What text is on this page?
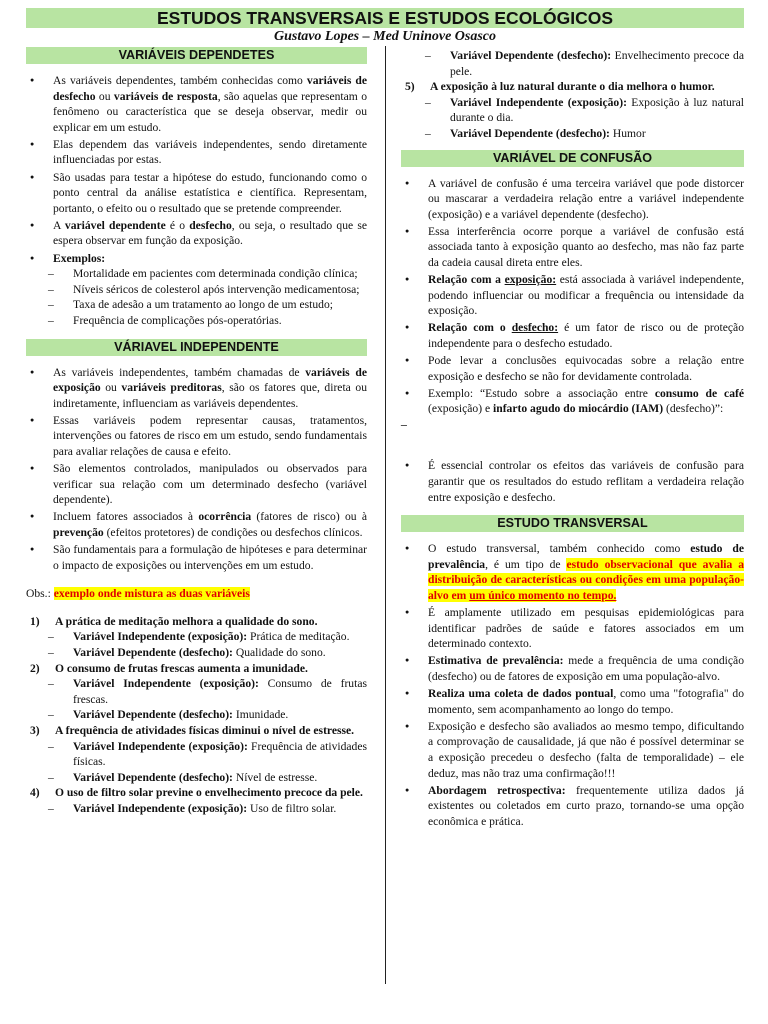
ESTUDOS TRANSVERSAIS E ESTUDOS ECOLÓGICOS
Gustavo Lopes – Med Uninove Osasco
VARIÁVEIS DEPENDETES
● As variáveis dependentes, também conhecidas como variáveis de desfecho ou variáveis de resposta, são aquelas que representam o fenômeno ou característica que se deseja observar, medir ou explicar em um estudo.
● Elas dependem das variáveis independentes, sendo diretamente influenciadas por estas.
● São usadas para testar a hipótese do estudo, funcionando como o ponto central da análise estatística e científica. Representam, portanto, o efeito ou o resultado que se pretende compreender.
● A variável dependente é o desfecho, ou seja, o resultado que se espera observar em função da exposição.
● Exemplos:
– Mortalidade em pacientes com determinada condição clínica;
– Níveis séricos de colesterol após intervenção medicamentosa;
– Taxa de adesão a um tratamento ao longo de um estudo;
– Frequência de complicações pós-operatórias.
VÁRIAVEL INDEPENDENTE
● As variáveis independentes, também chamadas de variáveis de exposição ou variáveis preditoras, são os fatores que, direta ou indiretamente, influenciam as variáveis dependentes.
● Essas variáveis podem representar causas, tratamentos, intervenções ou fatores de risco em um estudo, sendo fundamentais para avaliar relações de causa e efeito.
● São elementos controlados, manipulados ou observados para verificar sua relação com um determinado desfecho (variável dependente).
● Incluem fatores associados à ocorrência (fatores de risco) ou à prevenção (efeitos protetores) de condições ou desfechos clínicos.
● São fundamentais para a formulação de hipóteses e para determinar o impacto de exposições ou intervenções em um estudo.
Obs.: exemplo onde mistura as duas variáveis
1) A prática de meditação melhora a qualidade do sono.
– Variável Independente (exposição): Prática de meditação.
– Variável Dependente (desfecho): Qualidade do sono.
2) O consumo de frutas frescas aumenta a imunidade.
– Variável Independente (exposição): Consumo de frutas frescas.
– Variável Dependente (desfecho): Imunidade.
3) A frequência de atividades físicas diminui o nível de estresse.
– Variável Independente (exposição): Frequência de atividades físicas.
– Variável Dependente (desfecho): Nível de estresse.
4) O uso de filtro solar previne o envelhecimento precoce da pele.
– Variável Independente (exposição): Uso de filtro solar.
– Variável Dependente (desfecho): Envelhecimento precoce da pele.
5) A exposição à luz natural durante o dia melhora o humor.
– Variável Independente (exposição): Exposição à luz natural durante o dia.
– Variável Dependente (desfecho): Humor
VARIÁVEL DE CONFUSÃO
● A variável de confusão é uma terceira variável que pode distorcer ou mascarar a verdadeira relação entre a variável independente (exposição) e a variável dependente (desfecho).
● Essa interferência ocorre porque a variável de confusão está associada tanto à exposição quanto ao desfecho, mas não faz parte da cadeia causal direta entre eles.
● Relação com a exposição: está associada à variável independente, podendo influenciar ou modificar a frequência ou intensidade da exposição.
● Relação com o desfecho: é um fator de risco ou de proteção independente para o desfecho estudado.
● Pode levar a conclusões equivocadas sobre a relação entre exposição e desfecho se não for devidamente controlada.
● Exemplo: “Estudo sobre a associação entre consumo de café (exposição) e infarto agudo do miocárdio (IAM) (desfecho)”:
● É essencial controlar os efeitos das variáveis de confusão para garantir que os resultados do estudo reflitam a verdadeira relação entre exposição e desfecho.
ESTUDO TRANSVERSAL
● O estudo transversal, também conhecido como estudo de prevalência, é um tipo de estudo observacional que avalia a distribuição de características ou condições em uma população-alvo em um único momento no tempo.
● É amplamente utilizado em pesquisas epidemiológicas para identificar padrões de saúde e fatores associados em um determinado contexto.
● Estimativa de prevalência: mede a frequência de uma condição (desfecho) ou de fatores de exposição em uma população-alvo.
● Realiza uma coleta de dados pontual, como uma "fotografia" do momento, sem acompanhamento ao longo do tempo.
● Exposição e desfecho são avaliados ao mesmo tempo, dificultando a comprovação de causalidade, já que não é possível determinar se a exposição precedeu o desfecho (falta de temporalidade) – ele deduz, mas não traz uma confirmação!!!
● Abordagem retrospectiva: frequentemente utiliza dados já existentes ou coletados em curto prazo, tornando-se uma opção econômica e prática.
